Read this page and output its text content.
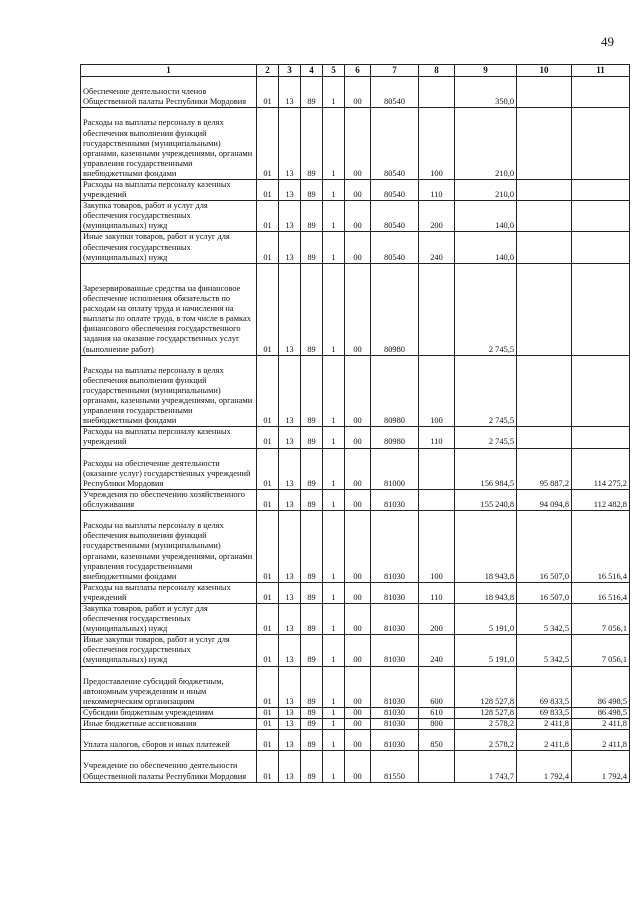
49
1	2	3	4	5	6	7	8	9	10	11
Обеспечение деятельности членов Общественной палаты Республики Мордовия	01	13	89	1	00	80540		350,0		
Расходы на выплаты персоналу в целях обеспечения выполнения функций государственными (муниципальными) органами, казенными учреждениями, органами управления государственными внебюджетными фондами	01	13	89	1	00	80540	100	210,0		
Расходы на выплаты персоналу казенных учреждений	01	13	89	1	00	80540	110	210,0		
Закупка товаров, работ и услуг для обеспечения государственных (муниципальных) нужд	01	13	89	1	00	80540	200	140,0		
Иные закупки товаров, работ и услуг для обеспечения государственных (муниципальных) нужд	01	13	89	1	00	80540	240	140,0		
Зарезервированные средства на финансовое обеспечение исполнения обязательств по расходам на оплату труда и начисления на выплаты по оплате труда, в том числе в рамках финансового обеспечения государственного задания на оказание государственных услуг (выполнение работ)	01	13	89	1	00	80980		2 745,5		
Расходы на выплаты персоналу в целях обеспечения выполнения функций государственными (муниципальными) органами, казенными учреждениями, органами управления государственными внебюджетными фондами	01	13	89	1	00	80980	100	2 745,5		
Расходы на выплаты персоналу казенных учреждений	01	13	89	1	00	80980	110	2 745,5		
Расходы на обеспечение деятельности (оказание услуг) государственных учреждений Республики Мордовия	01	13	89	1	00	81000		156 984,5	95 887,2	114 275,2
Учреждения по обеспечению хозяйственного обслуживания	01	13	89	1	00	81030		155 240,8	94 094,8	112 482,8
Расходы на выплаты персоналу в целях обеспечения выполнения функций государственными (муниципальными) органами, казенными учреждениями, органами управления государственными внебюджетными фондами	01	13	89	1	00	81030	100	18 943,8	16 507,0	16 516,4
Расходы на выплаты персоналу казенных учреждений	01	13	89	1	00	81030	110	18 943,8	16 507,0	16 516,4
Закупка товаров, работ и услуг для обеспечения государственных (муниципальных) нужд	01	13	89	1	00	81030	200	5 191,0	5 342,5	7 056,1
Иные закупки товаров, работ и услуг для обеспечения государственных (муниципальных) нужд	01	13	89	1	00	81030	240	5 191,0	5 342,5	7 056,1
Предоставление субсидий бюджетным, автономным учреждениям и иным некоммерческим организациям	01	13	89	1	00	81030	600	128 527,8	69 833,5	86 498,5
Субсидии бюджетным учреждениям	01	13	89	1	00	81030	610	128 527,8	69 833,5	86 498,5
Иные бюджетные ассигнования	01	13	89	1	00	81030	800	2 578,2	2 411,8	2 411,8
Уплата налогов, сборов и иных платежей	01	13	89	1	00	81030	850	2 578,2	2 411,8	2 411,8
Учреждение по обеспечению деятельности Общественной палаты Республики Мордовия	01	13	89	1	00	81550		1 743,7	1 792,4	1 792,4
